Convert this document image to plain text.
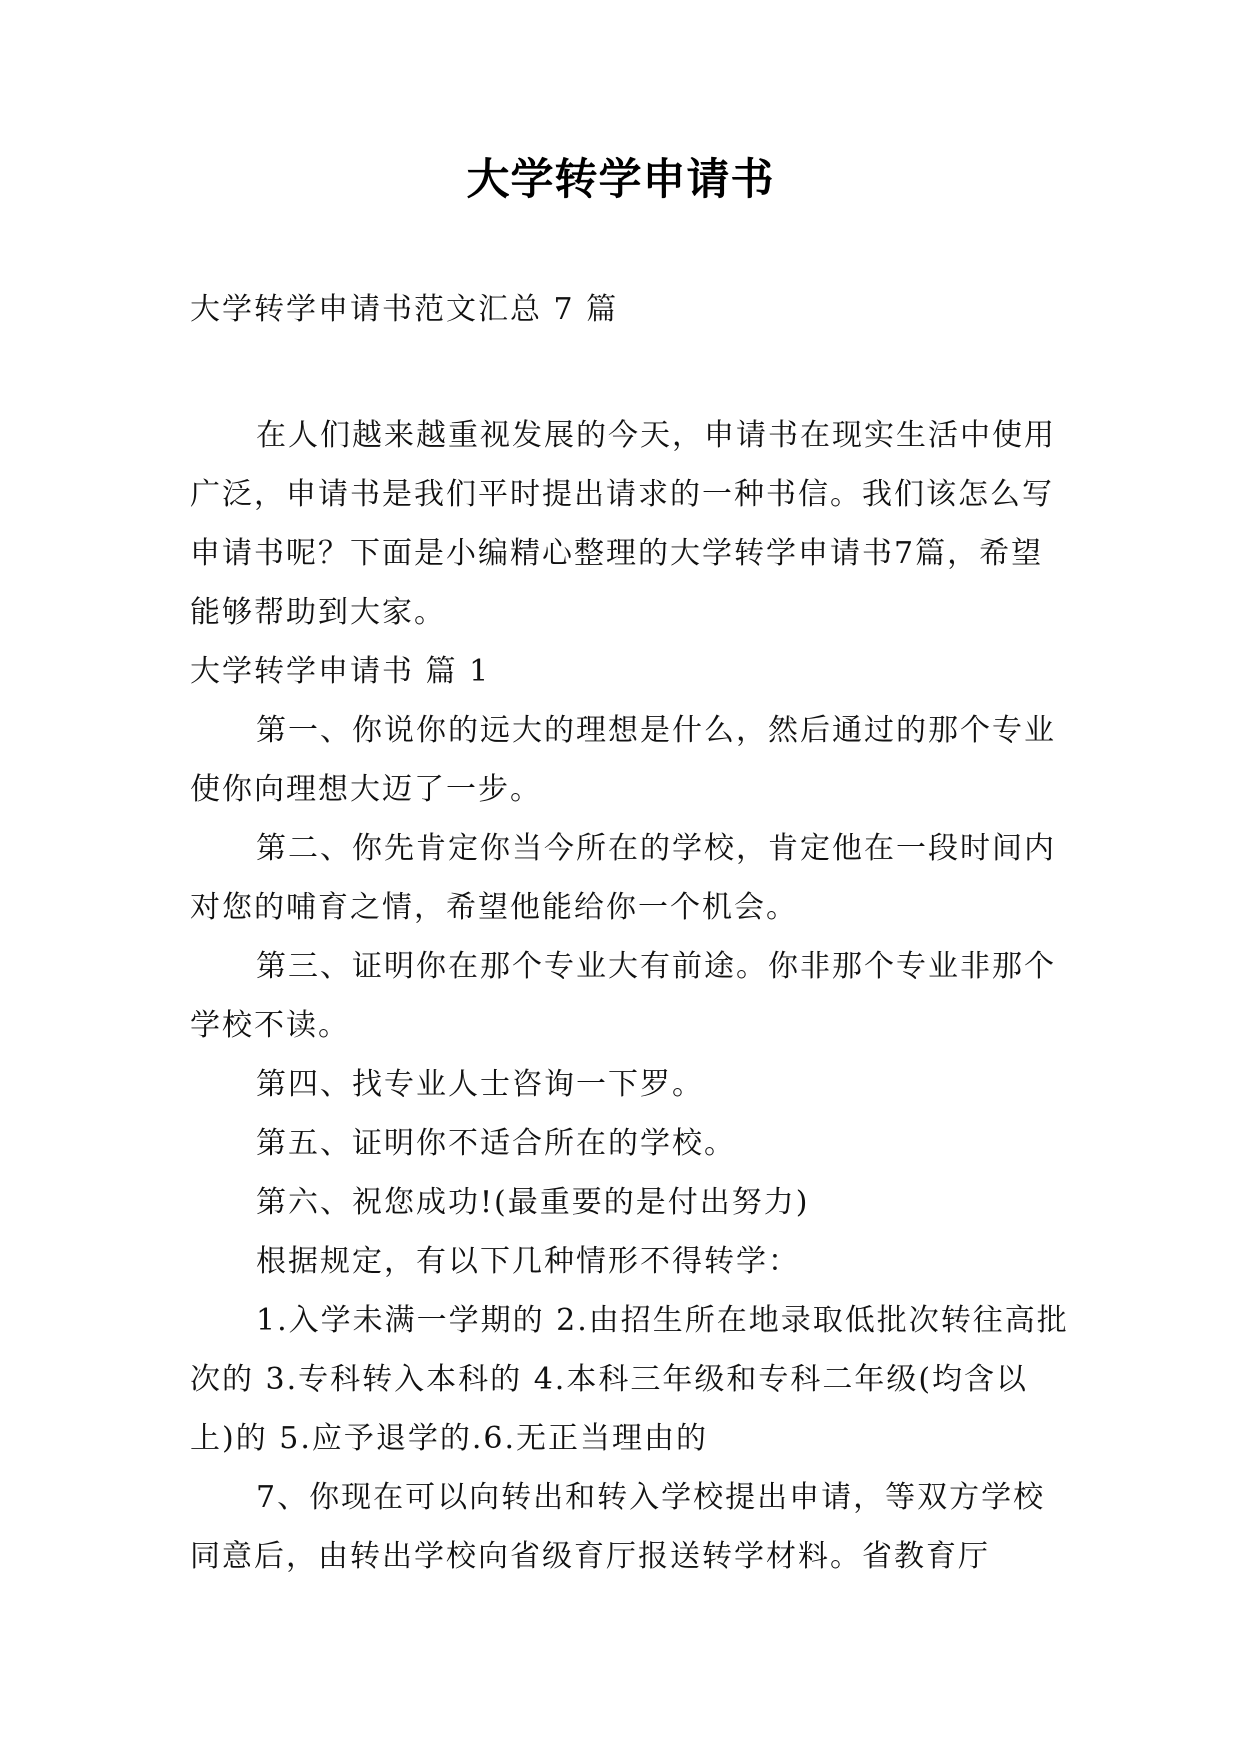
大学转学申请书
大学转学申请书范文汇总 7 篇

在人们越来越重视发展的今天，申请书在现实生活中使用广泛，申请书是我们平时提出请求的一种书信。我们该怎么写申请书呢？下面是小编精心整理的大学转学申请书7篇，希望能够帮助到大家。

大学转学申请书 篇 1

第一、你说你的远大的理想是什么，然后通过的那个专业使你向理想大迈了一步。

第二、你先肯定你当今所在的学校，肯定他在一段时间内对您的哺育之情，希望他能给你一个机会。

第三、证明你在那个专业大有前途。你非那个专业非那个学校不读。

第四、找专业人士咨询一下罗。

第五、证明你不适合所在的学校。

第六、祝您成功!(最重要的是付出努力)

根据规定，有以下几种情形不得转学：

1.入学未满一学期的 2.由招生所在地录取低批次转往高批次的 3.专科转入本科的 4.本科三年级和专科二年级(均含以上)的 5.应予退学的.6.无正当理由的

7、你现在可以向转出和转入学校提出申请，等双方学校同意后，由转出学校向省级育厅报送转学材料。省教育厅
